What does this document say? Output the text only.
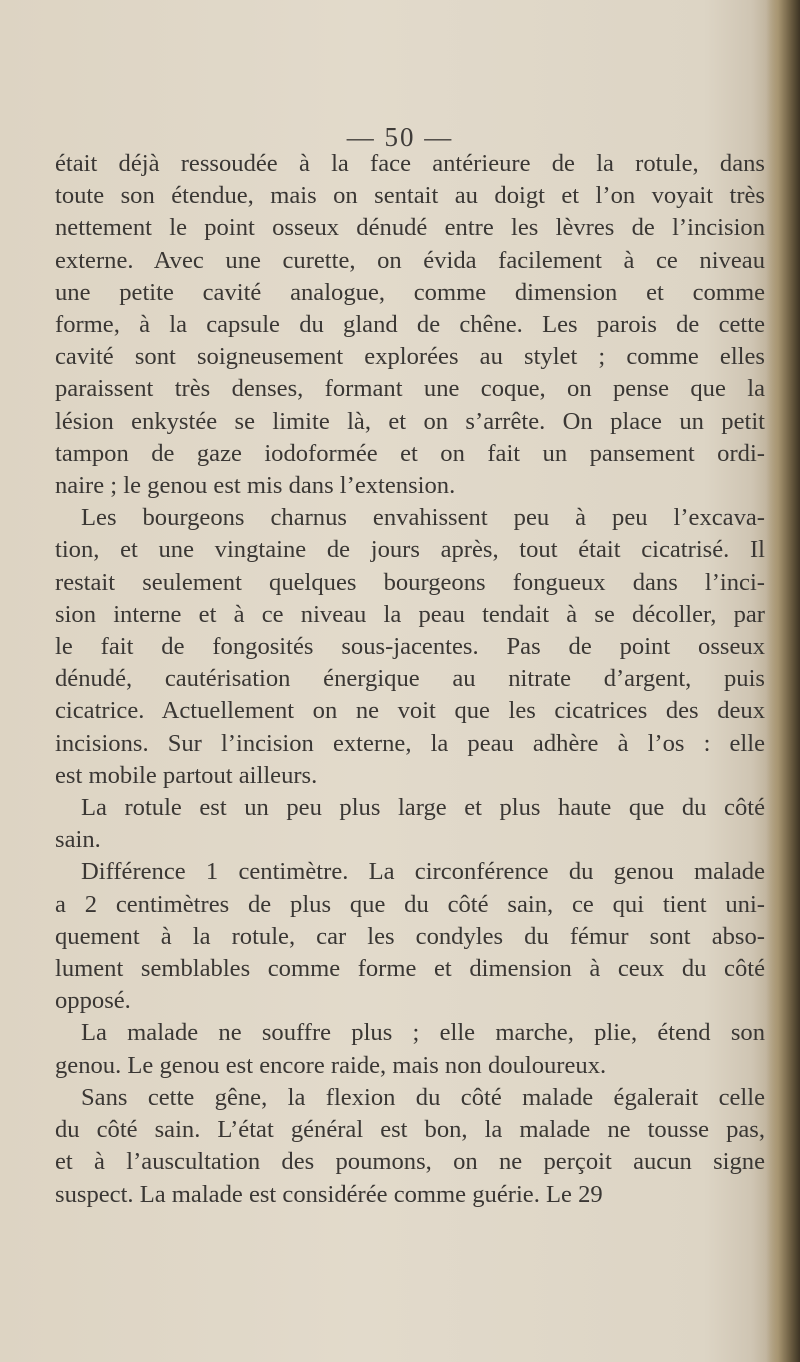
— 50 —
était déjà ressoudée à la face antérieure de la rotule, dans
toute son étendue, mais on sentait au doigt et l’on voyait très
nettement le point osseux dénudé entre les lèvres de l’incision
externe. Avec une curette, on évida facilement à ce niveau
une petite cavité analogue, comme dimension et comme
forme, à la capsule du gland de chêne. Les parois de cette
cavité sont soigneusement explorées au stylet ; comme elles
paraissent très denses, formant une coque, on pense que la
lésion enkystée se limite là, et on s’arrête. On place un petit
tampon de gaze iodoformée et on fait un pansement ordi-
naire ; le genou est mis dans l’extension.
Les bourgeons charnus envahissent peu à peu l’excava-
tion, et une vingtaine de jours après, tout était cicatrisé. Il
restait seulement quelques bourgeons fongueux dans l’inci-
sion interne et à ce niveau la peau tendait à se décoller, par
le fait de fongosités sous-jacentes. Pas de point osseux
dénudé, cautérisation énergique au nitrate d’argent, puis
cicatrice. Actuellement on ne voit que les cicatrices des deux
incisions. Sur l’incision externe, la peau adhère à l’os : elle
est mobile partout ailleurs.
La rotule est un peu plus large et plus haute que du côté
sain.
Différence 1 centimètre. La circonférence du genou malade
a 2 centimètres de plus que du côté sain, ce qui tient uni-
quement à la rotule, car les condyles du fémur sont abso-
lument semblables comme forme et dimension à ceux du côté
opposé.
La malade ne souffre plus ; elle marche, plie, étend son
genou. Le genou est encore raide, mais non douloureux.
Sans cette gêne, la flexion du côté malade égalerait celle
du côté sain. L’état général est bon, la malade ne tousse pas,
et à l’auscultation des poumons, on ne perçoit aucun signe
suspect. La malade est considérée comme guérie. Le 29
